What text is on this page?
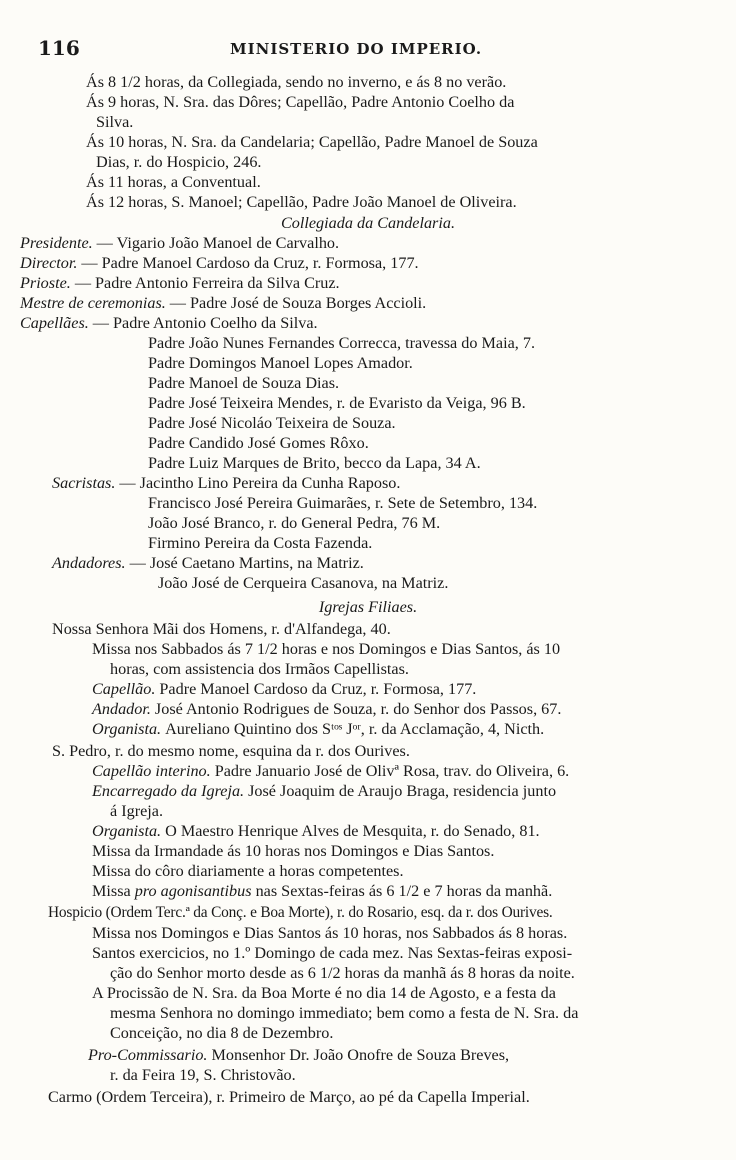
116	MINISTERIO DO IMPERIO.
Ás 8 1/2 horas, da Collegiada, sendo no inverno, e ás 8 no verão.
Ás 9 horas, N. Sra. das Dôres; Capellão, Padre Antonio Coelho da
Silva.
Ás 10 horas, N. Sra. da Candelaria; Capellão, Padre Manoel de Souza
Dias, r. do Hospicio, 246.
Ás 11 horas, a Conventual.
Ás 12 horas, S. Manoel; Capellão, Padre João Manoel de Oliveira.
Collegiada da Candelaria.
Presidente. — Vigario João Manoel de Carvalho.
Director. — Padre Manoel Cardoso da Cruz, r. Formosa, 177.
Prioste. — Padre Antonio Ferreira da Silva Cruz.
Mestre de ceremonias. — Padre José de Souza Borges Accioli.
Capellães. — Padre Antonio Coelho da Silva.
Padre João Nunes Fernandes Correcca, travessa do Maia, 7.
Padre Domingos Manoel Lopes Amador.
Padre Manoel de Souza Dias.
Padre José Teixeira Mendes, r. de Evaristo da Veiga, 96 B.
Padre José Nicoláo Teixeira de Souza.
Padre Candido José Gomes Rôxo.
Padre Luiz Marques de Brito, becco da Lapa, 34 A.
Sacristas. — Jacintho Lino Pereira da Cunha Raposo.
Francisco José Pereira Guimarães, r. Sete de Setembro, 134.
João José Branco, r. do General Pedra, 76 M.
Firmino Pereira da Costa Fazenda.
Andadores. — José Caetano Martins, na Matriz.
João José de Cerqueira Casanova, na Matriz.
Igrejas Filiaes.
Nossa Senhora Mãi dos Homens, r. d'Alfandega, 40.
Missa nos Sabbados ás 7 1/2 horas e nos Domingos e Dias Santos, ás 10
horas, com assistencia dos Irmãos Capellistas.
Capellão. Padre Manoel Cardoso da Cruz, r. Formosa, 177.
Andador. José Antonio Rodrigues de Souza, r. do Senhor dos Passos, 67.
Organista. Aureliano Quintino dos Sᵗᵒˢ Jᵒʳ, r. da Acclamação, 4, Nicth.
S. Pedro, r. do mesmo nome, esquina da r. dos Ourives.
Capellão interino. Padre Januario José de Olivª Rosa, trav. do Oliveira, 6.
Encarregado da Igreja. José Joaquim de Araujo Braga, residencia junto
á Igreja.
Organista. O Maestro Henrique Alves de Mesquita, r. do Senado, 81.
Missa da Irmandade ás 10 horas nos Domingos e Dias Santos.
Missa do côro diariamente a horas competentes.
Missa pro agonisantibus nas Sextas-feiras ás 6 1/2 e 7 horas da manhã.
Hospicio (Ordem Terc.ª da Conç. e Boa Morte), r. do Rosario, esq. da r. dos Ourives.
Missa nos Domingos e Dias Santos ás 10 horas, nos Sabbados ás 8 horas.
Santos exercicios, no 1.º Domingo de cada mez. Nas Sextas-feiras exposi-
ção do Senhor morto desde as 6 1/2 horas da manhã ás 8 horas da noite.
A Procissão de N. Sra. da Boa Morte é no dia 14 de Agosto, e a festa da
mesma Senhora no domingo immediato; bem como a festa de N. Sra. da
Conceição, no dia 8 de Dezembro.
Pro-Commissario. Monsenhor Dr. João Onofre de Souza Breves,
r. da Feira 19, S. Christovão.
Carmo (Ordem Terceira), r. Primeiro de Março, ao pé da Capella Imperial.
